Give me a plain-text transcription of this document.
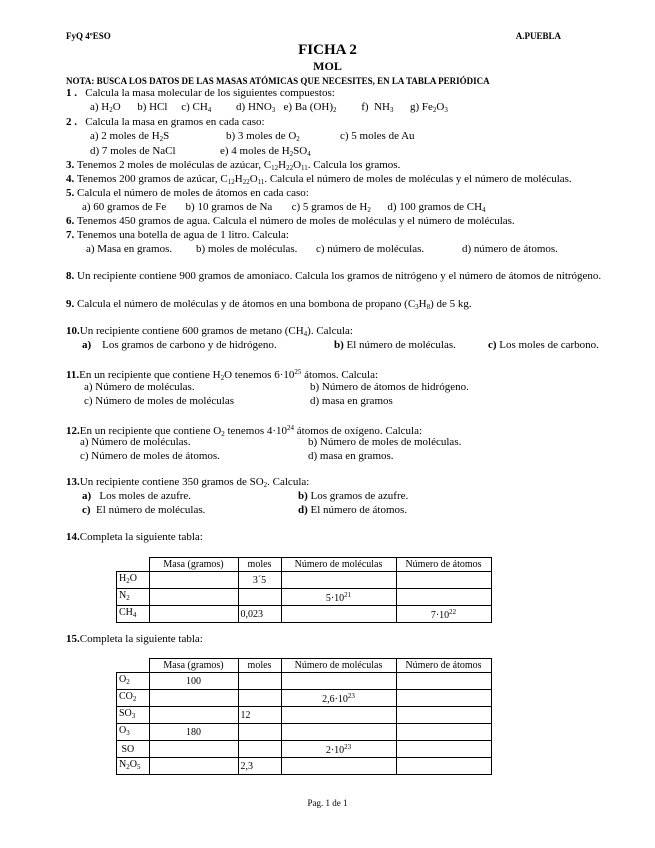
FyQ 4ºESO	A.PUEBLA
FICHA 2
MOL
NOTA: BUSCA LOS DATOS DE LAS MASAS ATÓMICAS QUE NECESITES, EN LA TABLA PERIÓDICA
1 . Calcula la masa molecular de los siguientes compuestos:
a) $H_2O$      b) HCl     c) $CH_4$         d) $HNO_3$   e) Ba $(OH)_2$         f)  $NH_3$      g) $Fe_2O_3$
2 . Calcula la masa en gramos en cada caso:
a) 2 moles de $H_2S$	b) 3 moles de $O_2$	c) 5 moles de Au
d) 7 moles de NaCl	e) 4 moles de $H_2SO_4$
3. Tenemos 2 moles de moléculas de azúcar, $C_{12}H_{22}O_{11}$. Calcula los gramos.
4. Tenemos 200 gramos de azúcar, $C_{12}H_{22}O_{11}$. Calcula el número de moles de moléculas y el número de moléculas.
5. Calcula el número de moles de átomos en cada caso:
a) 60 gramos de Fe       b) 10 gramos de Na       c) 5 gramos de $H_2$      d) 100 gramos de $CH_4$
6. Tenemos 450 gramos de agua. Calcula el número de moles de moléculas y el número de moléculas.
7. Tenemos una botella de agua de 1 litro. Calcula:
a) Masa en gramos. b) moles de moléculas. c) número de moléculas.	d) número de átomos.
8. Un recipiente contiene 900 gramos de amoniaco. Calcula los gramos de nitrógeno y el número de átomos de nitrógeno.
9. Calcula el número de moléculas y de átomos en una bombona de propano $(C_3H_8)$ de 5 kg.
10.Un recipiente contiene 600 gramos de metano $(CH_4)$. Calcula:
a) Los gramos de carbono y de hidrógeno.	b) El número de moléculas.	c) Los moles de carbono.
11.En un recipiente que contiene $H_2O$ tenemos $6\cdot 10^{25}$ átomos. Calcula:
a) Número de moléculas.	b) Número de átomos de hidrógeno.
c) Número de moles de moléculas	d) masa en gramos
12.En un recipiente que contiene $O_2$ tenemos $4\cdot 10^{24}$ átomos de oxígeno. Calcula:
a) Número de moléculas.	b) Número de moles de moléculas.
c) Número de moles de átomos.	d) masa en gramos.
13.Un recipiente contiene 350 gramos de $SO_2$. Calcula:
a) Los moles de azufre.	b) Los gramos de azufre.
c) El número de moléculas.	d) El número de átomos.
14.Completa la siguiente tabla:
	Masa (gramos)	moles	Número de moléculas	Número de átomos
$H_2O$		3´5		
$N_2$			$5\cdot 10^{21}$	
$CH_4$		0,023		$7\cdot 10^{22}$
15.Completa la siguiente tabla:
	Masa (gramos)	moles	Número de moléculas	Número de átomos
$O_2$	100			
$CO_2$			$2,6\cdot 10^{23}$	
$SO_3$		12		
$O_3$	180			
SO			$2\cdot 10^{23}$	
$N_2O_5$		2,3		
Pag. 1 de 1
